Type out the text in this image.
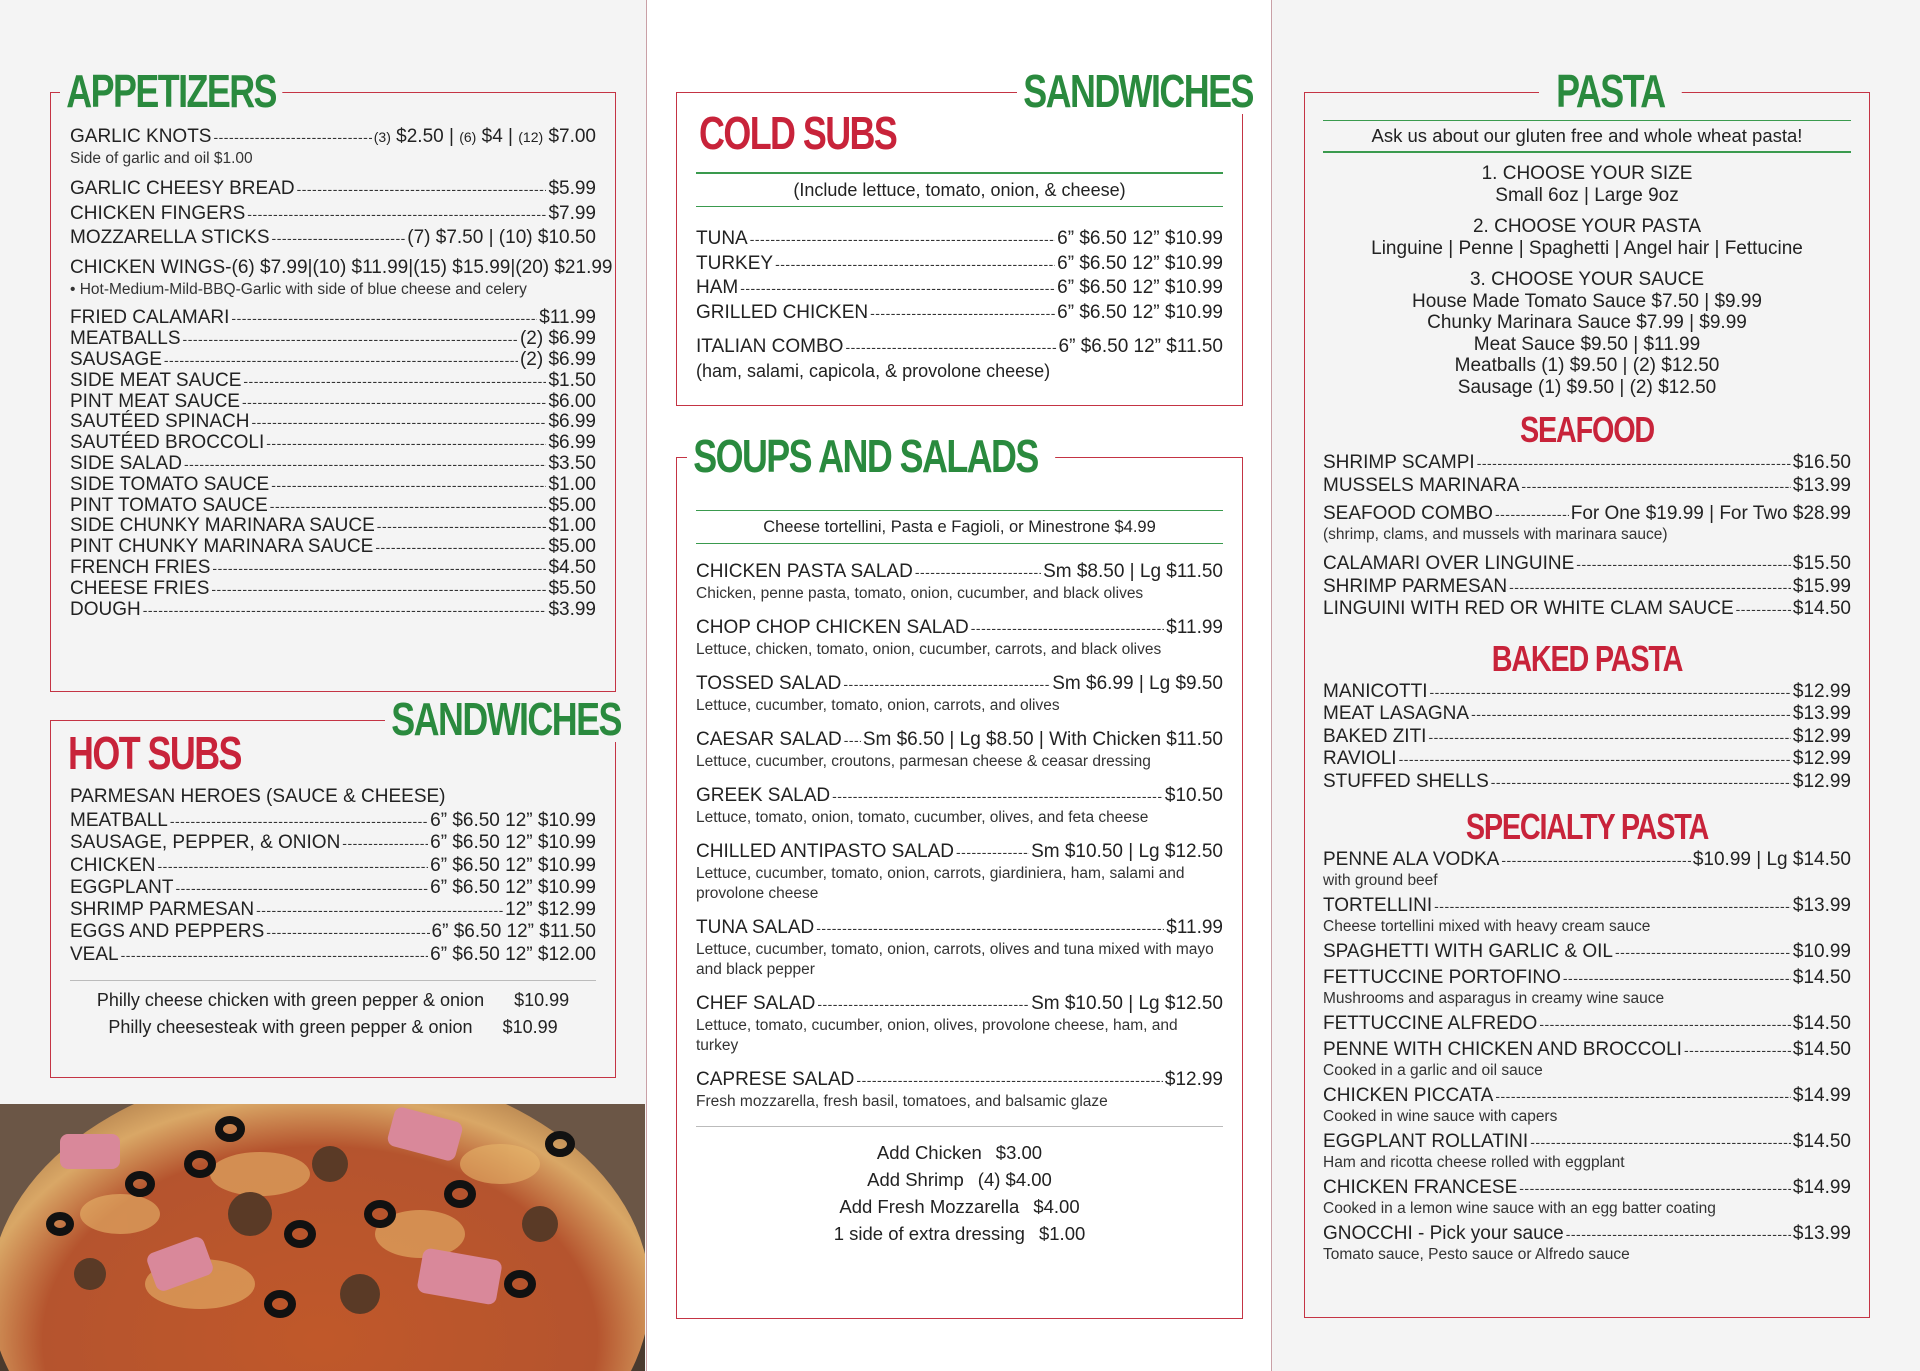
APPETIZERS
GARLIC KNOTS -----	(3) $2.50 | (6) $4 | (12) $7.00
Side of garlic and oil $1.00
GARLIC CHEESY BREAD -----	$5.99
CHICKEN FINGERS -----	$7.99
MOZZARELLA STICKS -----	(7) $7.50 | (10) $10.50
CHICKEN WINGS- (6) $7.99|(10) $11.99|(15) $15.99|(20) $21.99
• Hot-Medium-Mild-BBQ-Garlic with side of blue cheese and celery
FRIED CALAMARI -----	$11.99
MEATBALLS -----	(2) $6.99
SAUSAGE -----	(2) $6.99
SIDE MEAT SAUCE -----	$1.50
PINT MEAT SAUCE -----	$6.00
SAUTÉED SPINACH -----	$6.99
SAUTÉED BROCCOLI -----	$6.99
SIDE SALAD -----	$3.50
SIDE TOMATO SAUCE -----	$1.00
PINT TOMATO SAUCE -----	$5.00
SIDE CHUNKY MARINARA SAUCE -----	$1.00
PINT CHUNKY MARINARA SAUCE -----	$5.00
FRENCH FRIES -----	$4.50
CHEESE FRIES -----	$5.50
DOUGH -----	$3.99
SANDWICHES
HOT SUBS
PARMESAN HEROES (SAUCE & CHEESE)
MEATBALL -----	6” $6.50 12” $10.99
SAUSAGE, PEPPER, & ONION -----	6” $6.50 12” $10.99
CHICKEN -----	6” $6.50 12” $10.99
EGGPLANT -----	6” $6.50 12” $10.99
SHRIMP PARMESAN -----	12” $12.99
EGGS AND PEPPERS -----	6” $6.50 12” $11.50
VEAL -----	6” $6.50 12” $12.00
Philly cheese chicken with green pepper & onion $10.99
Philly cheesesteak with green pepper & onion $10.99
SANDWICHES
COLD SUBS
(Include lettuce, tomato, onion, & cheese)
TUNA -----	6” $6.50 12” $10.99
TURKEY -----	6” $6.50 12” $10.99
HAM -----	6” $6.50 12” $10.99
GRILLED CHICKEN -----	6” $6.50 12” $10.99
ITALIAN COMBO -----	6” $6.50 12” $11.50
(ham, salami, capicola, & provolone cheese)
SOUPS AND SALADS
Cheese tortellini, Pasta e Fagioli, or Minestrone $4.99
CHICKEN PASTA SALAD -----	Sm $8.50 | Lg $11.50
Chicken, penne pasta, tomato, onion, cucumber, and black olives
CHOP CHOP CHICKEN SALAD -----	$11.99
Lettuce, chicken, tomato, onion, cucumber, carrots, and black olives
TOSSED SALAD -----	Sm $6.99 | Lg $9.50
Lettuce, cucumber, tomato, onion, carrots, and olives
CAESAR SALAD ----- Sm $6.50 | Lg $8.50 | With Chicken $11.50
Lettuce, cucumber, croutons, parmesan cheese & ceasar dressing
GREEK SALAD -----	$10.50
Lettuce, tomato, onion, tomato, cucumber, olives, and feta cheese
CHILLED ANTIPASTO SALAD -----	Sm $10.50 | Lg $12.50
Lettuce, cucumber, tomato, onion, carrots, giardiniera, ham, salami and provolone cheese
TUNA SALAD -----	$11.99
Lettuce, cucumber, tomato, onion, carrots, olives and tuna mixed with mayo and black pepper
CHEF SALAD -----	Sm $10.50 | Lg $12.50
Lettuce, tomato, cucumber, onion, olives, provolone cheese, ham, and turkey
CAPRESE SALAD -----	$12.99
Fresh mozzarella, fresh basil, tomatoes, and balsamic glaze
Add Chicken $3.00
Add Shrimp (4) $4.00
Add Fresh Mozzarella $4.00
1 side of extra dressing $1.00
PASTA
Ask us about our gluten free and whole wheat pasta!
1. CHOOSE YOUR SIZE
Small 6oz | Large 9oz
2. CHOOSE YOUR PASTA
Linguine | Penne | Spaghetti | Angel hair | Fettucine
3. CHOOSE YOUR SAUCE
House Made Tomato Sauce $7.50 | $9.99
Chunky Marinara Sauce $7.99 | $9.99
Meat Sauce $9.50 | $11.99
Meatballs (1) $9.50 | (2) $12.50
Sausage (1) $9.50 | (2) $12.50
SEAFOOD
SHRIMP SCAMPI -----	$16.50
MUSSELS MARINARA -----	$13.99
SEAFOOD COMBO -----	For One $19.99 | For Two $28.99
(shrimp, clams, and mussels with marinara sauce)
CALAMARI OVER LINGUINE -----	$15.50
SHRIMP PARMESAN -----	$15.99
LINGUINI WITH RED OR WHITE CLAM SAUCE -----	$14.50
BAKED PASTA
MANICOTTI -----	$12.99
MEAT LASAGNA -----	$13.99
BAKED ZITI -----	$12.99
RAVIOLI -----	$12.99
STUFFED SHELLS -----	$12.99
SPECIALTY PASTA
PENNE ALA VODKA -----	$10.99 | Lg $14.50
with ground beef
TORTELLINI -----	$13.99
Cheese tortellini mixed with heavy cream sauce
SPAGHETTI WITH GARLIC & OIL -----	$10.99
FETTUCCINE PORTOFINO -----	$14.50
Mushrooms and asparagus in creamy wine sauce
FETTUCCINE ALFREDO -----	$14.50
PENNE WITH CHICKEN AND BROCCOLI -----	$14.50
Cooked in a garlic and oil sauce
CHICKEN PICCATA -----	$14.99
Cooked in wine sauce with capers
EGGPLANT ROLLATINI -----	$14.50
Ham and ricotta cheese rolled with eggplant
CHICKEN FRANCESE -----	$14.99
Cooked in a lemon wine sauce with an egg batter coating
GNOCCHI - Pick your sauce -----	$13.99
Tomato sauce, Pesto sauce or Alfredo sauce
